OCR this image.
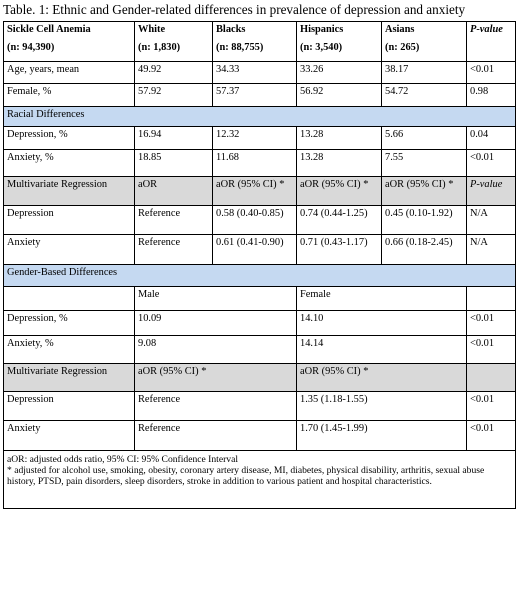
Table. 1: Ethnic and Gender-related differences in prevalence of depression and anxiety
Sickle Cell Anemia	White	Blacks	Hispanics	Asians	P-value
(n: 94,390)	(n: 1,830)	(n: 88,755)	(n: 3,540)	(n: 265)	
Age, years, mean	49.92	34.33	33.26	38.17	<0.01
Female, %	57.92	57.37	56.92	54.72	0.98
Racial Differences					
Depression, %	16.94	12.32	13.28	5.66	0.04
Anxiety, %	18.85	11.68	13.28	7.55	<0.01
Multivariate Regression	aOR	aOR (95% CI) *	aOR (95% CI) *	aOR (95% CI) *	P-value
Depression	Reference	0.58 (0.40-0.85)	0.74 (0.44-1.25)	0.45 (0.10-1.92)	N/A
Anxiety	Reference	0.61 (0.41-0.90)	0.71 (0.43-1.17)	0.66 (0.18-2.45)	N/A
Gender-Based Differences					
	Male		Female		
Depression, %	10.09		14.10		<0.01
Anxiety, %	9.08		14.14		<0.01
Multivariate Regression	aOR (95% CI) *		aOR (95% CI) *		
Depression	Reference		1.35 (1.18-1.55)		<0.01
Anxiety	Reference		1.70 (1.45-1.99)		<0.01

aOR: adjusted odds ratio, 95% CI: 95% Confidence Interval
* adjusted for alcohol use, smoking, obesity, coronary artery disease, MI, diabetes, physical disability, arthritis, sexual abuse history, PTSD, pain disorders, sleep disorders, stroke in addition to various patient and hospital characteristics.					
